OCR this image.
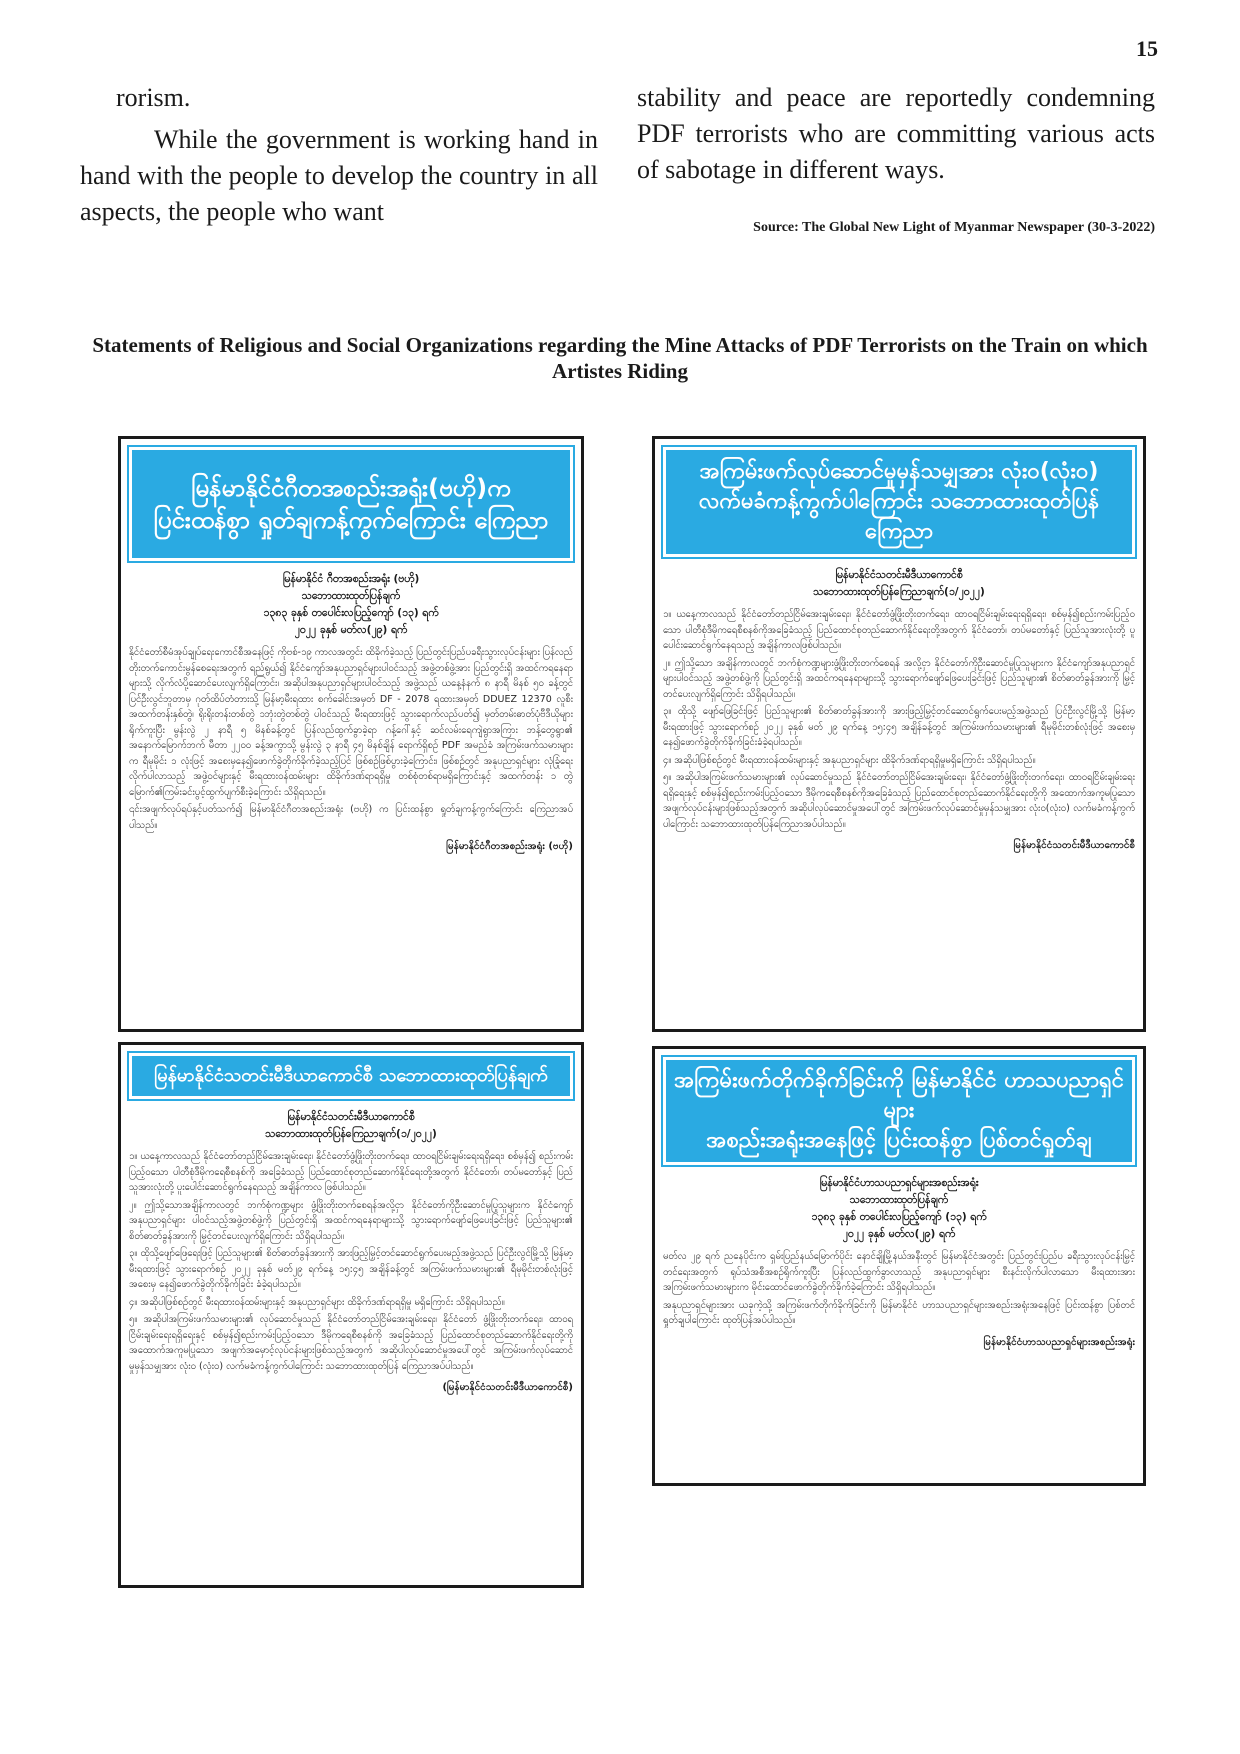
15

rorism.

While the government is working hand in hand with the people to develop the country in all aspects, the people who want

stability and peace are reportedly condemning PDF terrorists who are committing various acts of sabotage in different ways.

Source: The Global New Light of Myanmar Newspaper (30-3-2022)
Statements of Religious and Social Organizations regarding the Mine Attacks of PDF Terrorists on the Train on which Artistes Riding
မြန်မာနိုင်ငံဂီတအစည်းအရုံး(ဗဟို)က
ပြင်းထန်စွာ ရှုတ်ချကန့်ကွက်ကြောင်း ကြေညာ
မြန်မာနိုင်ငံ ဂီတအစည်းအရုံး (ဗဟို)
သဘောထားထုတ်ပြန်ချက်
၁၃၈၃ ခုနှစ် တပေါင်းလပြည့်ကျော် (၁၃) ရက်
၂၀၂၂ ခုနှစ် မတ်လ(၂၉) ရက်

နိုင်ငံတော်စီမံအုပ်ချုပ်ရေးကောင်စီအနေဖြင့် ကိုဗစ်-၁၉ ကာလအတွင်း ထိခိုက်ခဲ့သည့် ပြည်တွင်းပြည်ပခရီးသွားလုပ်ငန်းများ ပြန်လည်တိုးတက်ကောင်းမွန်စေရေးအတွက် ရည်ရွယ်၍ နိုင်ငံကျော်အနုပညာရှင်များပါဝင်သည့် အဖွဲ့တစ်ဖွဲ့အား ပြည်တွင်းရှိ အထင်ကရနေရာများသို့ လိုက်လံပို့ဆောင်ပေးလျက်ရှိကြောင်း၊ အဆိုပါအနုပညာရှင်များပါဝင်သည့် အဖွဲ့သည် ယနေ့နံနက် ၈ နာရီ မိနစ် ၅၀ ခန့်တွင် ပြင်ဦးလွင်ဘူတာမှ ဂုတ်ထိပ်တံတားသို့ မြန်မာ့မီးရထား စက်ခေါင်းအမှတ် DF - 2078 ရထားအမှတ် DDUEZ 12370 လူစီးအထက်တန်းနှစ်တွဲ၊ ရိုးရိုးတန်းတစ်တွဲ ၁ဘုံးတွဲတစ်တွဲ ပါဝင်သည့် မီးရထားဖြင့် သွားရောက်လည်ပတ်၍ မှတ်တမ်းဓာတ်ပုံဗီဒီယိုများရိုက်ကူးပြီး မွန်းလွဲ ၂ နာရီ ၅ မိနစ်ခန့်တွင် ပြန်လည်ထွက်ခွာခဲ့ရာ ဂန့်ဂေါ်နှင့် ဆင်လမ်းရေကျဲရွာအကြား ဘန့်တွေရွာ၏ အနောက်မြောက်ဘက် မီတာ ၂၂၀၀ ခန့်အကွာသို့ မွန်းလွဲ ၃ နာရီ ၄၅ မိနစ်ချိန် ရောက်ရှိစဉ် PDF အမည်ခံ အကြမ်းဖက်သမားများက ရီမုမိုင်း ၁ လုံးဖြင့် အစေးမှနေ၍ဖောက်ခွဲတိုက်ခိုက်ခဲ့သည့်ပြင် ဖြစ်စဉ်ဖြစ်ပွားခဲ့ကြောင်း၊ ဖြစ်စဉ်တွင် အနုပညာရှင်များ လုံခြုံရေးလိုက်ပါလာသည့် အဖွဲ့ဝင်များနှင့် မီးရထားဝန်ထမ်းများ ထိခိုက်ဒဏ်ရာရရှိမှု တစ်စုံတစ်ရာမရှိကြောင်းနှင့် အထက်တန်း ၁ တွဲမြောက်၏ကြမ်းခင်းပွင့်ထွက်ပျက်စီးခဲ့ကြောင်း သိရှိရသည်။

၎င်းအဖျက်လုပ်ရပ်နှင့်ပတ်သက်၍ မြန်မာနိုင်ငံဂီတအစည်းအရုံး (ဗဟို) က ပြင်းထန်စွာ ရှုတ်ချကန့်ကွက်ကြောင်း ကြေညာအပ်ပါသည်။

မြန်မာနိုင်ငံဂီတအစည်းအရုံး (ဗဟို)
အကြမ်းဖက်လုပ်ဆောင်မှုမှန်သမျှအား လုံးဝ(လုံးဝ)
လက်မခံကန့်ကွက်ပါကြောင်း သဘောထားထုတ်ပြန် ကြေညာ
မြန်မာနိုင်ငံသတင်းမီဒီယာကောင်စီ
သဘောထားထုတ်ပြန်ကြေညာချက်(၁/၂၀၂၂)

၁။ ယနေ့ကာလသည် နိုင်ငံတော်တည်ငြိမ်အေးချမ်းရေး၊ နိုင်ငံတော်ဖွံ့ဖြိုးတိုးတက်ရေး၊ ထာဝရငြိမ်းချမ်းရေးရရှိရေး၊ စစ်မှန်၍စည်းကမ်းပြည့်ဝသော ပါတီစုံဒီမိုကရေစီစနစ်ကိုအခြေခံသည့် ပြည်ထောင်စုတည်ဆောက်နိုင်ရေးတို့အတွက် နိုင်ငံတော်၊ တပ်မတော်နှင့် ပြည်သူအားလုံးတို့ ပူပေါင်းဆောင်ရွက်နေရသည့် အချိန်ကာလဖြစ်ပါသည်။

၂။ ဤသို့သော အချိန်ကာလတွင် ဘက်စုံကဏ္ဍများဖွံ့ဖြိုးတိုးတက်စေရန် အလို့ငှာ နိုင်ငံတော်ကိုဦးဆောင်မှုပြုသူများက နိုင်ငံကျော်အနုပညာရှင်များပါဝင်သည့် အဖွဲ့တစ်ဖွဲ့ကို ပြည်တွင်းရှိ အထင်ကရနေရာများသို့ သွားရောက်ဖျော်ဖြေပေးခြင်းဖြင့် ပြည်သူများ၏ စိတ်ဓာတ်ခွန်အားကို မြှင့်တင်ပေးလျက်ရှိကြောင်း သိရှိရပါသည်။

၃။ ထိုသို့ ဖျော်ဖြေခြင်းဖြင့် ပြည်သူများ၏ စိတ်ဓာတ်ခွန်အားကို အားဖြည့်မြှင့်တင်ဆောင်ရွက်ပေးမည့်အဖွဲ့သည် ပြင်ဦးလွင်မြို့သို့ မြန်မာ့မီးရထားဖြင့် သွားရောက်စဉ် ၂၀၂၂ ခုနှစ် မတ် ၂၉ ရက်နေ့ ၁၅:၄၅ အချိန်ခန့်တွင် အကြမ်းဖက်သမားများ၏ ရီမုမိုင်းတစ်လုံးဖြင့် အစေးမှနေ၍ဖောက်ခွဲတိုက်ခိုက်ခြင်းခံခဲ့ရပါသည်။

၄။ အဆိုပါဖြစ်စဉ်တွင် မီးရထားဝန်ထမ်းများနှင့် အနုပညာရှင်များ ထိခိုက်ဒဏ်ရာရရှိမှုမရှိကြောင်း သိရှိရပါသည်။

၅။ အဆိုပါအကြမ်းဖက်သမားများ၏ လုပ်ဆောင်မှုသည် နိုင်ငံတော်တည်ငြိမ်အေးချမ်းရေး၊ နိုင်ငံတော်ဖွံ့ဖြိုးတိုးတက်ရေး၊ ထာဝရငြိမ်းချမ်းရေးရရှိရေးနှင့် စစ်မှန်၍စည်းကမ်းပြည့်ဝသော ဒီမိုကရေစီစနစ်ကိုအခြေခံသည့် ပြည်ထောင်စုတည်ဆောက်နိုင်ရေးတို့ကို အထောက်အကူမပြုသော အဖျက်လုပ်ငန်းများဖြစ်သည့်အတွက် အဆိုပါလုပ်ဆောင်မှုအပေါ်တွင် အကြမ်းဖက်လုပ်ဆောင်မှုမှန်သမျှအား လုံးဝ(လုံးဝ) လက်မခံကန့်ကွက်ပါကြောင်း သဘောထားထုတ်ပြန်ကြေညာအပ်ပါသည်။

မြန်မာနိုင်ငံသတင်းမီဒီယာကောင်စီ
မြန်မာနိုင်ငံသတင်းမီဒီယာကောင်စီ သဘောထားထုတ်ပြန်ချက်
မြန်မာနိုင်ငံသတင်းမီဒီယာကောင်စီ
သဘောထားထုတ်ပြန်ကြေညာချက်(၁/၂၀၂၂)

၁။ ယနေ့ကာလသည် နိုင်ငံတော်တည်ငြိမ်အေးချမ်းရေး၊ နိုင်ငံတော်ဖွံ့ဖြိုးတိုးတက်ရေး၊ ထာဝရငြိမ်းချမ်းရေးရရှိရေး၊ စစ်မှန်၍ စည်းကမ်းပြည့်ဝသော ပါတီစုံဒီမိုကရေစီစနစ်ကို အခြေခံသည့် ပြည်ထောင်စုတည်ဆောက်နိုင်ရေးတို့အတွက် နိုင်ငံတော်၊ တပ်မတော်နှင့် ပြည်သူအားလုံးတို့ ပူးပေါင်းဆောင်ရွက်နေရသည့် အချိန်ကာလ ဖြစ်ပါသည်။

၂။ ဤသို့သောအချိန်ကာလတွင် ဘက်စုံကဏ္ဍများ ဖွံ့ဖြိုးတိုးတက်စေရန်အလို့ငှာ နိုင်ငံတော်ကိုဦးဆောင်မှုပြုသူများက နိုင်ငံကျော်အနုပညာရှင်များ ပါဝင်သည့်အဖွဲ့တစ်ဖွဲ့ကို ပြည်တွင်းရှိ အထင်ကရနေရာများသို့ သွားရောက်ဖျော်ဖြေပေးခြင်းဖြင့် ပြည်သူများ၏ စိတ်ဓာတ်ခွန်အားကို မြှင့်တင်ပေးလျက်ရှိကြောင်း သိရှိရပါသည်။

၃။ ထိုသို့ဖျော်ဖြေရေးဖြင့် ပြည်သူများ၏ စိတ်ဓာတ်ခွန်အားကို အားဖြည့်မြှင့်တင်ဆောင်ရွက်ပေးမည့်အဖွဲ့သည် ပြင်ဦးလွင်မြို့သို့ မြန်မာ့မီးရထားဖြင့် သွားရောက်စဉ် ၂၀၂၂ ခုနှစ် မတ်၂၉ ရက်နေ့ ၁၅:၄၅ အချိန်ခန့်တွင် အကြမ်းဖက်သမားများ၏ ရီမုမိုင်းတစ်လုံးဖြင့် အစေးမှ နေ၍ဖောက်ခွဲတိုက်ခိုက်ခြင်း ခံခဲ့ရပါသည်။

၄။ အဆိုပါဖြစ်စဉ်တွင် မီးရထားဝန်ထမ်းများနှင့် အနုပညာရှင်များ ထိခိုက်ဒဏ်ရာရရှိမှု မရှိကြောင်း သိရှိရပါသည်။

၅။ အဆိုပါအကြမ်းဖက်သမားများ၏ လုပ်ဆောင်မှုသည် နိုင်ငံတော်တည်ငြိမ်အေးချမ်းရေး၊ နိုင်ငံတော် ဖွံ့ဖြိုးတိုးတက်ရေး၊ ထာဝရငြိမ်းချမ်းရေးရရှိရေးနှင့် စစ်မှန်၍စည်းကမ်းပြည့်ဝသော ဒီမိုကရေစီစနစ်ကို အခြေခံသည့် ပြည်ထောင်စုတည်ဆောက်နိုင်ရေးတို့ကို အထောက်အကူမပြုသော အဖျက်အမှောင့်လုပ်ငန်းများဖြစ်သည့်အတွက် အဆိုပါလုပ်ဆောင်မှုအပေါ်တွင် အကြမ်းဖက်လုပ်ဆောင်မှုမှန်သမျှအား လုံးဝ (လုံးဝ) လက်မခံကန့်ကွက်ပါကြောင်း သဘောထားထုတ်ပြန် ကြေညာအပ်ပါသည်။

(မြန်မာနိုင်ငံသတင်းမီဒီယာကောင်စီ)
အကြမ်းဖက်တိုက်ခိုက်ခြင်းကို မြန်မာနိုင်ငံ ဟာသပညာရှင်များ
အစည်းအရုံးအနေဖြင့် ပြင်းထန်စွာ ပြစ်တင်ရှုတ်ချ
မြန်မာနိုင်ငံဟာသပညာရှင်များအစည်းအရုံး
သဘောထားထုတ်ပြန်ချက်
၁၃၈၃ ခုနှစ် တပေါင်းလပြည့်ကျော် (၁၃) ရက်
၂၀၂၂ ခုနှစ် မတ်လ(၂၉) ရက်

မတ်လ ၂၉ ရက် ညနေပိုင်းက ရှမ်းပြည်နယ်မြောက်ပိုင်း နောင်ချိုမြို့နယ်အနီးတွင် မြန်မာနိုင်ငံအတွင်း ပြည်တွင်းပြည်ပ ခရီးသွားလုပ်ငန်းမြှင့်တင်ရေးအတွက် ရုပ်သံအစီအစဉ်ရိုက်ကူးပြီး ပြန်လည်ထွက်ခွာလာသည့် အနုပညာရှင်များ စီးနင်းလိုက်ပါလာသော မီးရထားအား အကြမ်းဖက်သမားများက မိုင်းထောင်ဖောက်ခွဲတိုက်ခိုက်ခဲ့ကြောင်း သိရှိရပါသည်။

အနုပညာရှင်များအား ယခုကဲ့သို့ အကြမ်းဖက်တိုက်ခိုက်ခြင်းကို မြန်မာနိုင်ငံ ဟာသပညာရှင်များအစည်းအရုံးအနေဖြင့် ပြင်းထန်စွာ ပြစ်တင်ရှုတ်ချပါကြောင်း ထုတ်ပြန်အပ်ပါသည်။

မြန်မာနိုင်ငံဟာသပညာရှင်များအစည်းအရုံး
